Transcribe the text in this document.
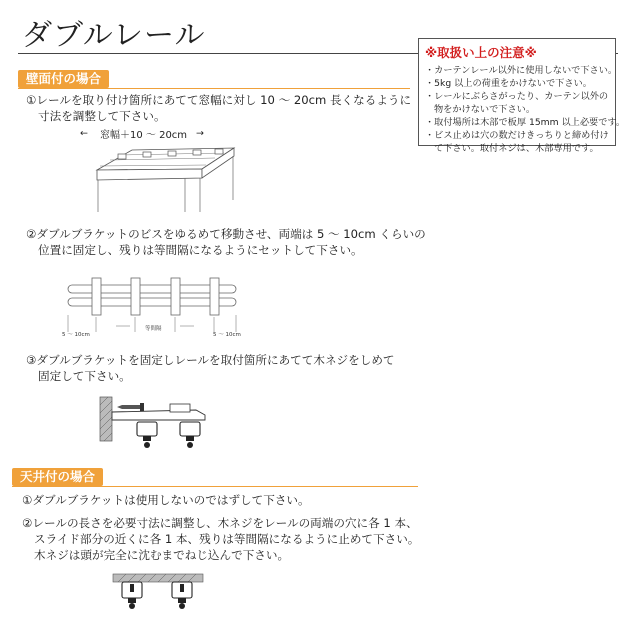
ダブルレール	※取扱い上の注意※
・カーテンレール以外に使用しないで下さい。
・5kg 以上の荷重をかけないで下さい。
・レールにぶらさがったり、カーテン以外の
物をかけないで下さい。
・取付場所は木部で板厚 15mm 以上必要です。
・ビス止めは穴の数だけきっちりと締め付け
て下さい。取付ネジは、木部専用です。
壁面付の場合
①レールを取り付け箇所にあてて窓幅に対し 10 ～ 20cm 長くなるように
寸法を調整して下さい。
←	→
窓幅＋10 ～ 20cm
②ダブルブラケットのビスをゆるめて移動させ、両端は 5 ～ 10cm くらいの
位置に固定し、残りは等間隔になるようにセットして下さい。
5 ～ 10cm
等間隔
5 ～ 10cm
③ダブルブラケットを固定しレールを取付箇所にあてて木ネジをしめて
固定して下さい。
天井付の場合
①ダブルブラケットは使用しないのではずして下さい。
②レールの長さを必要寸法に調整し、木ネジをレールの両端の穴に各 1 本、
スライド部分の近くに各 1 本、残りは等間隔になるように止めて下さい。
木ネジは頭が完全に沈むまでねじ込んで下さい。
